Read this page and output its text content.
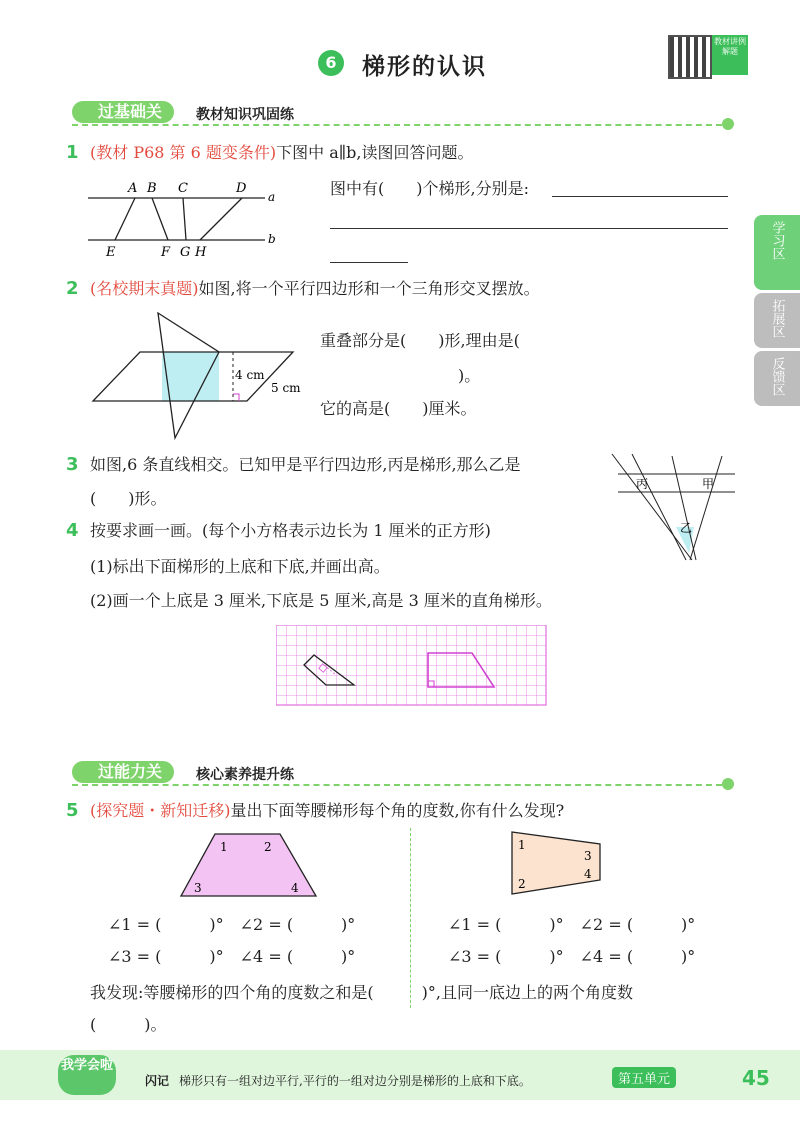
6	梯形的认识
教材讲例解题
过基础关	教材知识巩固练
学习区
拓展区
反馈区
1 (教材 P68 第 6 题变条件)下图中 a∥b,读图回答问题。
A B C	D
E	F G H
a
b
图中有(　　)个梯形,分别是:
2 (名校期末真题)如图,将一个平行四边形和一个三角形交叉摆放。
4 cm
5 cm
重叠部分是(　　)形,理由是(
)。
它的高是(　　)厘米。
3 如图,6 条直线相交。已知甲是平行四边形,丙是梯形,那么乙是
(　　)形。
丙	甲
乙
4 按要求画一画。(每个小方格表示边长为 1 厘米的正方形)
(1)标出下面梯形的上底和下底,并画出高。
(2)画一个上底是 3 厘米,下底是 5 厘米,高是 3 厘米的直角梯形。
过能力关	核心素养提升练
5 (探究题・新知迁移)量出下面等腰梯形每个角的度数,你有什么发现?
1	2
3	4
1
3
4
2
∠1 = (　　　)°　∠2 = (　　　)°
∠3 = (　　　)°　∠4 = (　　　)°
∠1 = (　　　)°　∠2 = (　　　)°
∠3 = (　　　)°　∠4 = (　　　)°
我发现:等腰梯形的四个角的度数之和是(　　　)°,且同一底边上的两个角度数
(　　　)。
我学会啦
闪记 梯形只有一组对边平行,平行的一组对边分别是梯形的上底和下底。	第五单元	45
